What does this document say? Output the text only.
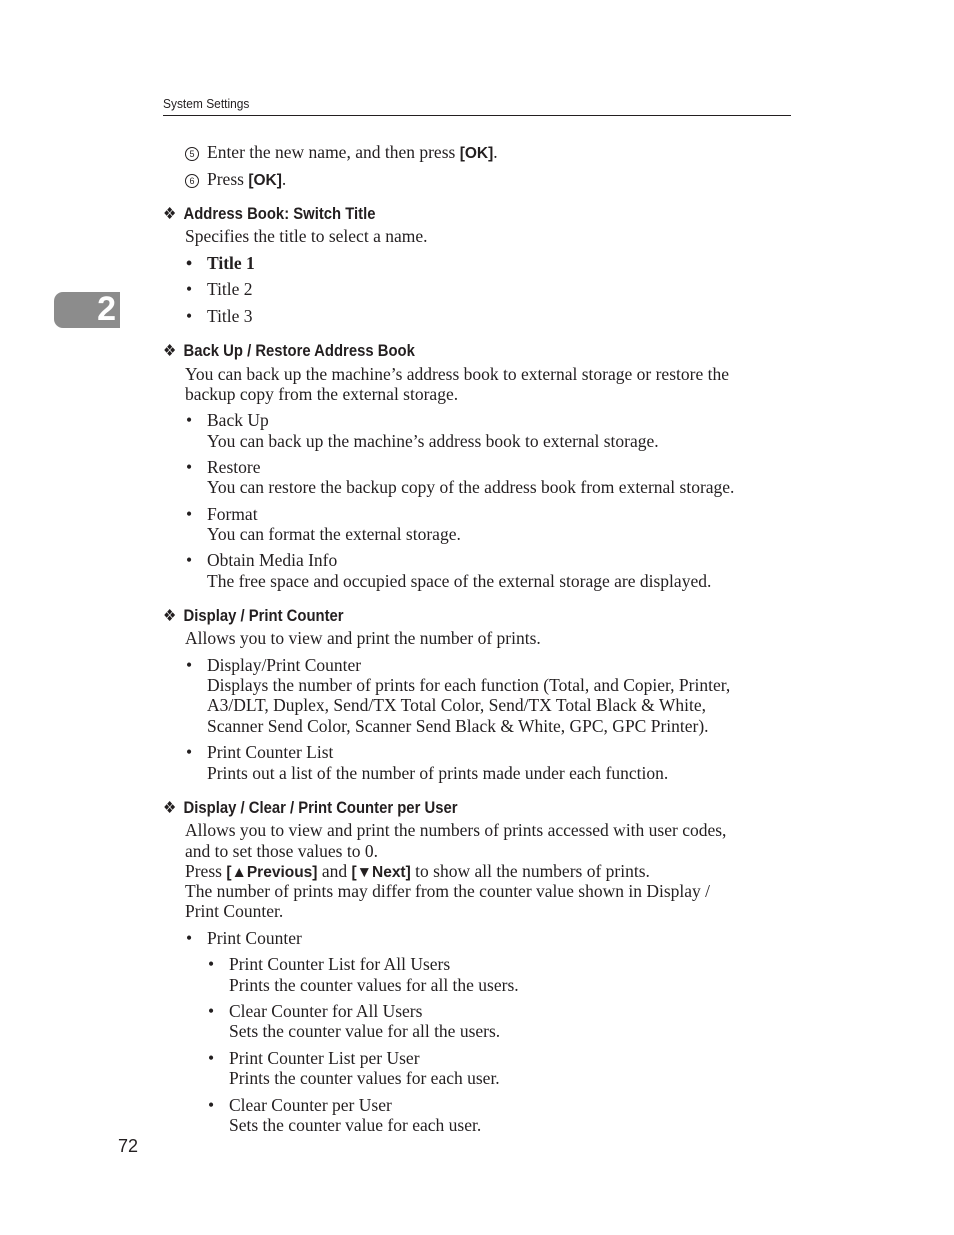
System Settings
2
5 Enter the new name, and then press [OK].
6 Press [OK].
❖ Address Book: Switch Title
Specifies the title to select a name.
• Title 1
• Title 2
• Title 3
❖ Back Up / Restore Address Book
You can back up the machine’s address book to external storage or restore the
backup copy from the external storage.
• Back Up
You can back up the machine’s address book to external storage.
• Restore
You can restore the backup copy of the address book from external storage.
• Format
You can format the external storage.
• Obtain Media Info
The free space and occupied space of the external storage are displayed.
❖ Display / Print Counter
Allows you to view and print the number of prints.
• Display/Print Counter
Displays the number of prints for each function (Total, and Copier, Printer,
A3/DLT, Duplex, Send/TX Total Color, Send/TX Total Black & White,
Scanner Send Color, Scanner Send Black & White, GPC, GPC Printer).
• Print Counter List
Prints out a list of the number of prints made under each function.
❖ Display / Clear / Print Counter per User
Allows you to view and print the numbers of prints accessed with user codes,
and to set those values to 0.
Press [▲Previous] and [▼Next] to show all the numbers of prints.
The number of prints may differ from the counter value shown in Display /
Print Counter.
• Print Counter
• Print Counter List for All Users
Prints the counter values for all the users.
• Clear Counter for All Users
Sets the counter value for all the users.
• Print Counter List per User
Prints the counter values for each user.
• Clear Counter per User
Sets the counter value for each user.
72
